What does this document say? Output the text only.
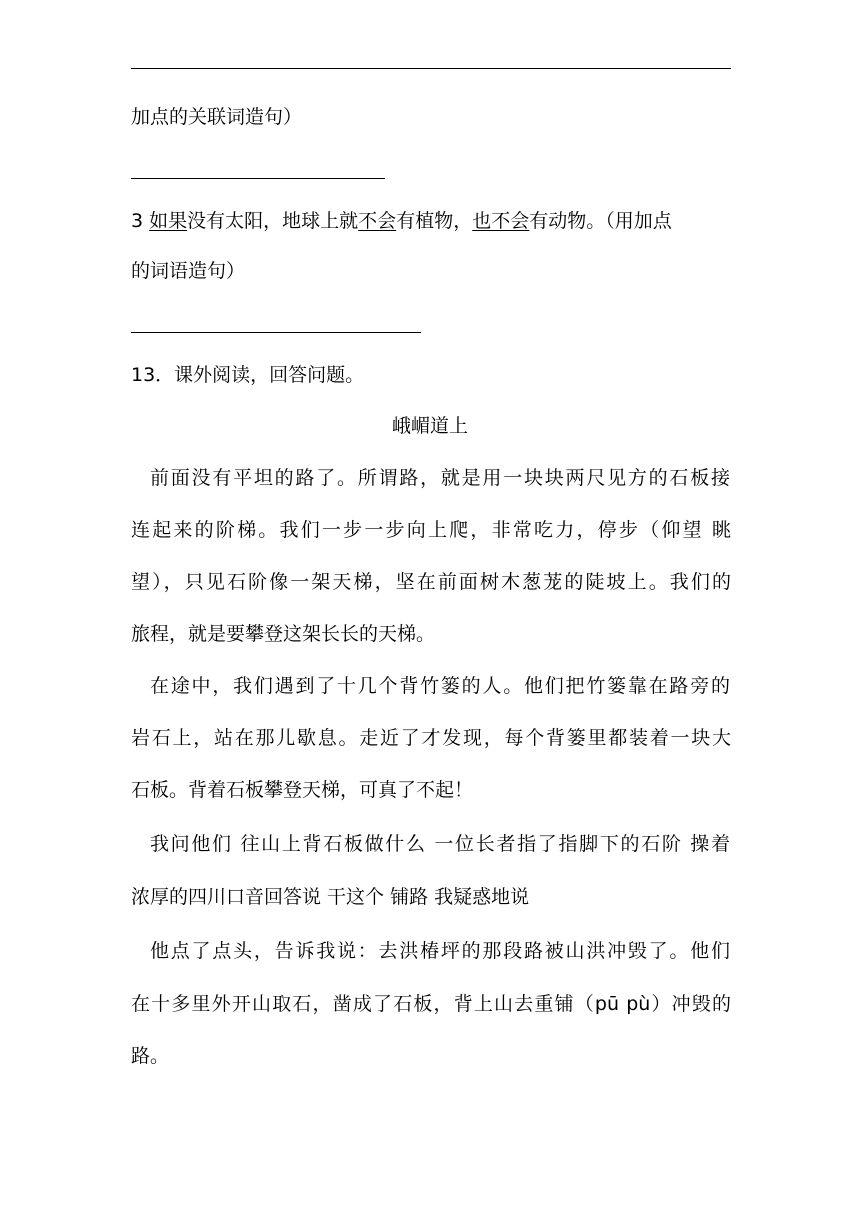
加点的关联词造句）
3 如果没有太阳，地球上就不会有植物，也不会有动物。（用加点
的词语造句）
13．课外阅读，回答问题。
峨嵋道上
前面没有平坦的路了。所谓路，就是用一块块两尺见方的石板接
连起来的阶梯。我们一步一步向上爬，非常吃力，停步（仰望 眺
望），只见石阶像一架天梯，坚在前面树木葱茏的陡坡上。我们的
旅程，就是要攀登这架长长的天梯。
在途中，我们遇到了十几个背竹篓的人。他们把竹篓靠在路旁的
岩石上，站在那儿歇息。走近了才发现，每个背篓里都装着一块大
石板。背着石板攀登天梯，可真了不起！
我问他们 往山上背石板做什么 一位长者指了指脚下的石阶 操着
浓厚的四川口音回答说 干这个 铺路 我疑惑地说
他点了点头，告诉我说：去洪椿坪的那段路被山洪冲毁了。他们
在十多里外开山取石，凿成了石板，背上山去重铺（pū pù）冲毁的
路。
